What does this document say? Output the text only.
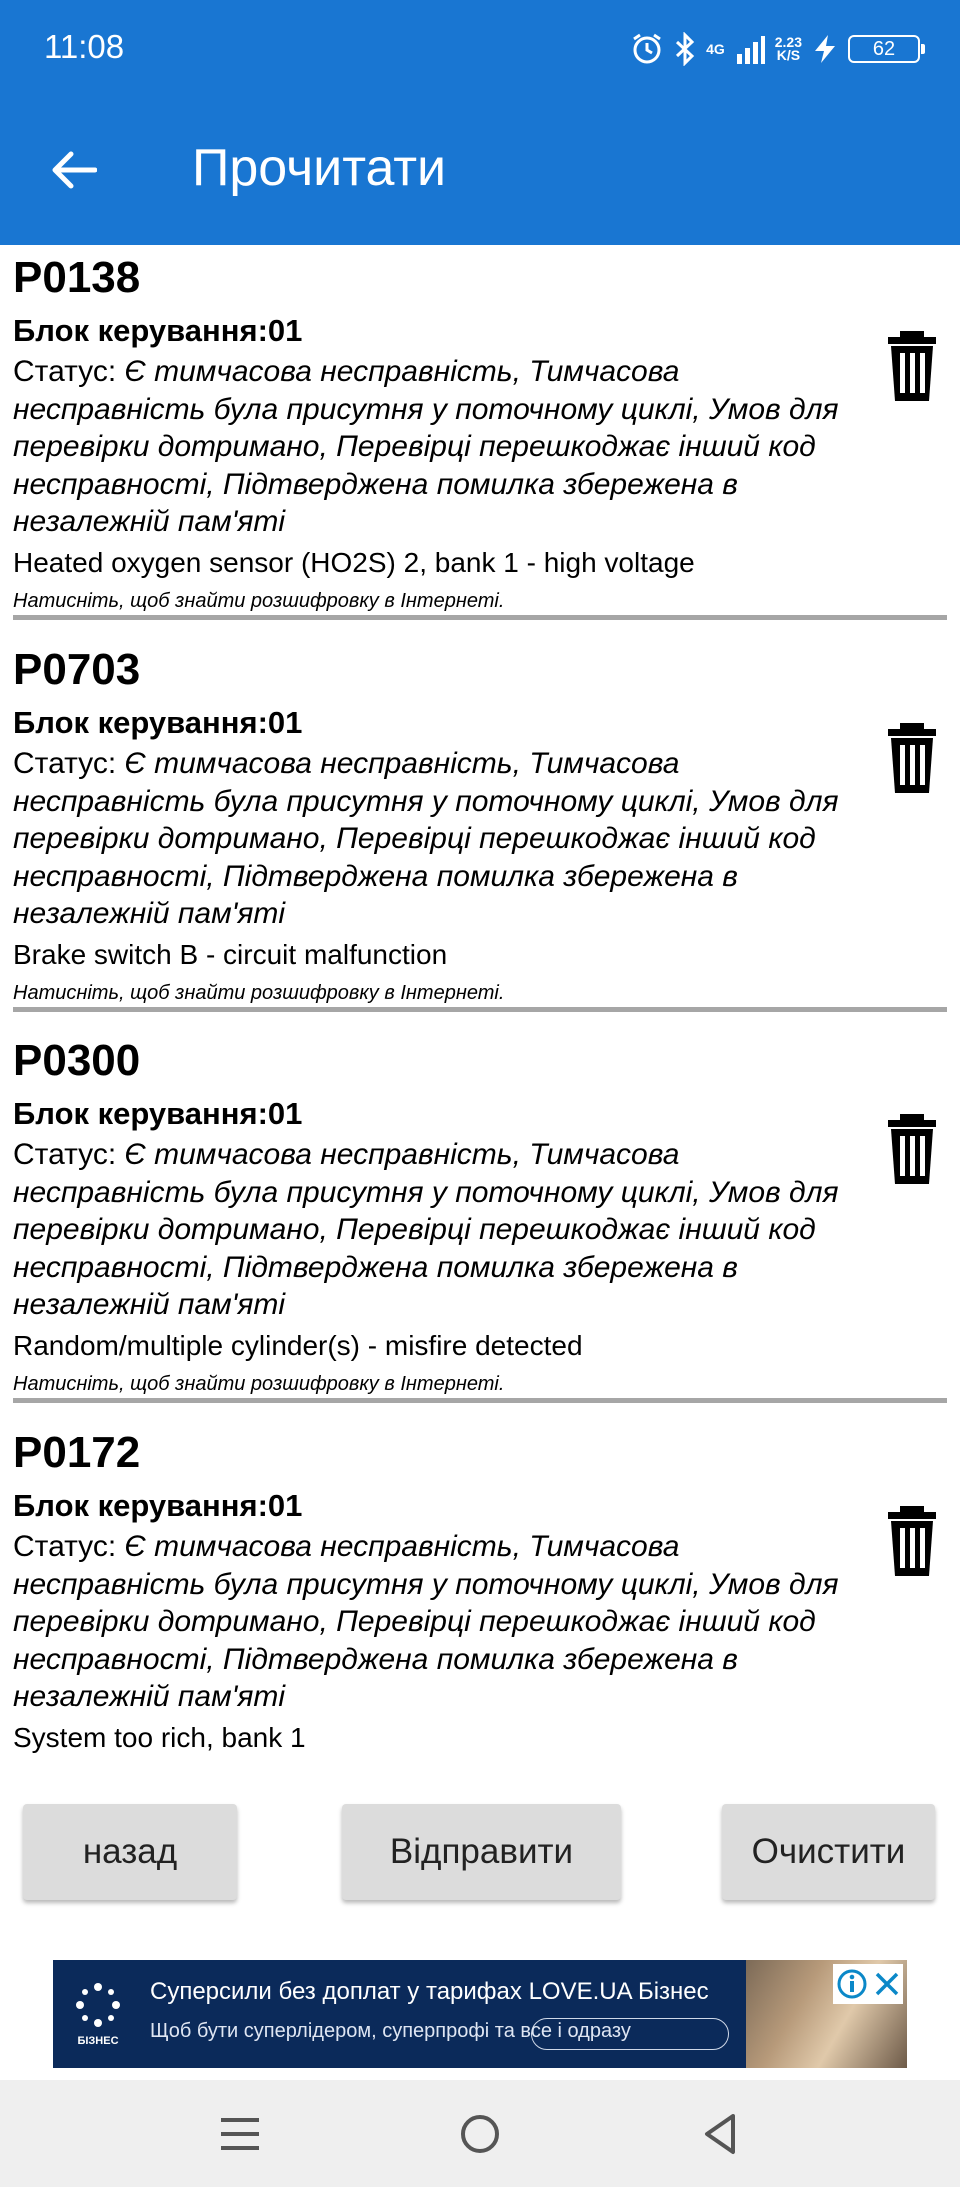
11:08	4G	2.23
K/S	62
Прочитати
P0138
Блок керування:01
Статус: Є тимчасова несправність, Тимчасова несправність була присутня у поточному циклі, Умов для перевірки дотримано, Перевірці перешкоджає інший код несправності, Підтверджена помилка збережена в незалежній пам'яті
Heated oxygen sensor (HO2S) 2, bank 1 - high voltage
Натисніть, щоб знайти розшифровку в Інтернеті.
P0703
Блок керування:01
Статус: Є тимчасова несправність, Тимчасова несправність була присутня у поточному циклі, Умов для перевірки дотримано, Перевірці перешкоджає інший код несправності, Підтверджена помилка збережена в незалежній пам'яті
Brake switch B - circuit malfunction
Натисніть, щоб знайти розшифровку в Інтернеті.
P0300
Блок керування:01
Статус: Є тимчасова несправність, Тимчасова несправність була присутня у поточному циклі, Умов для перевірки дотримано, Перевірці перешкоджає інший код несправності, Підтверджена помилка збережена в незалежній пам'яті
Random/multiple cylinder(s) - misfire detected
Натисніть, щоб знайти розшифровку в Інтернеті.
P0172
Блок керування:01
Статус: Є тимчасова несправність, Тимчасова несправність була присутня у поточному циклі, Умов для перевірки дотримано, Перевірці перешкоджає інший код несправності, Підтверджена помилка збережена в незалежній пам'яті
System too rich, bank 1
назад	Відправити	Очистити
БІЗНЕС
Суперсили без доплат у тарифах LOVE.UA Бізнес
Щоб бути суперлідером, суперпрофі та все і одразу
